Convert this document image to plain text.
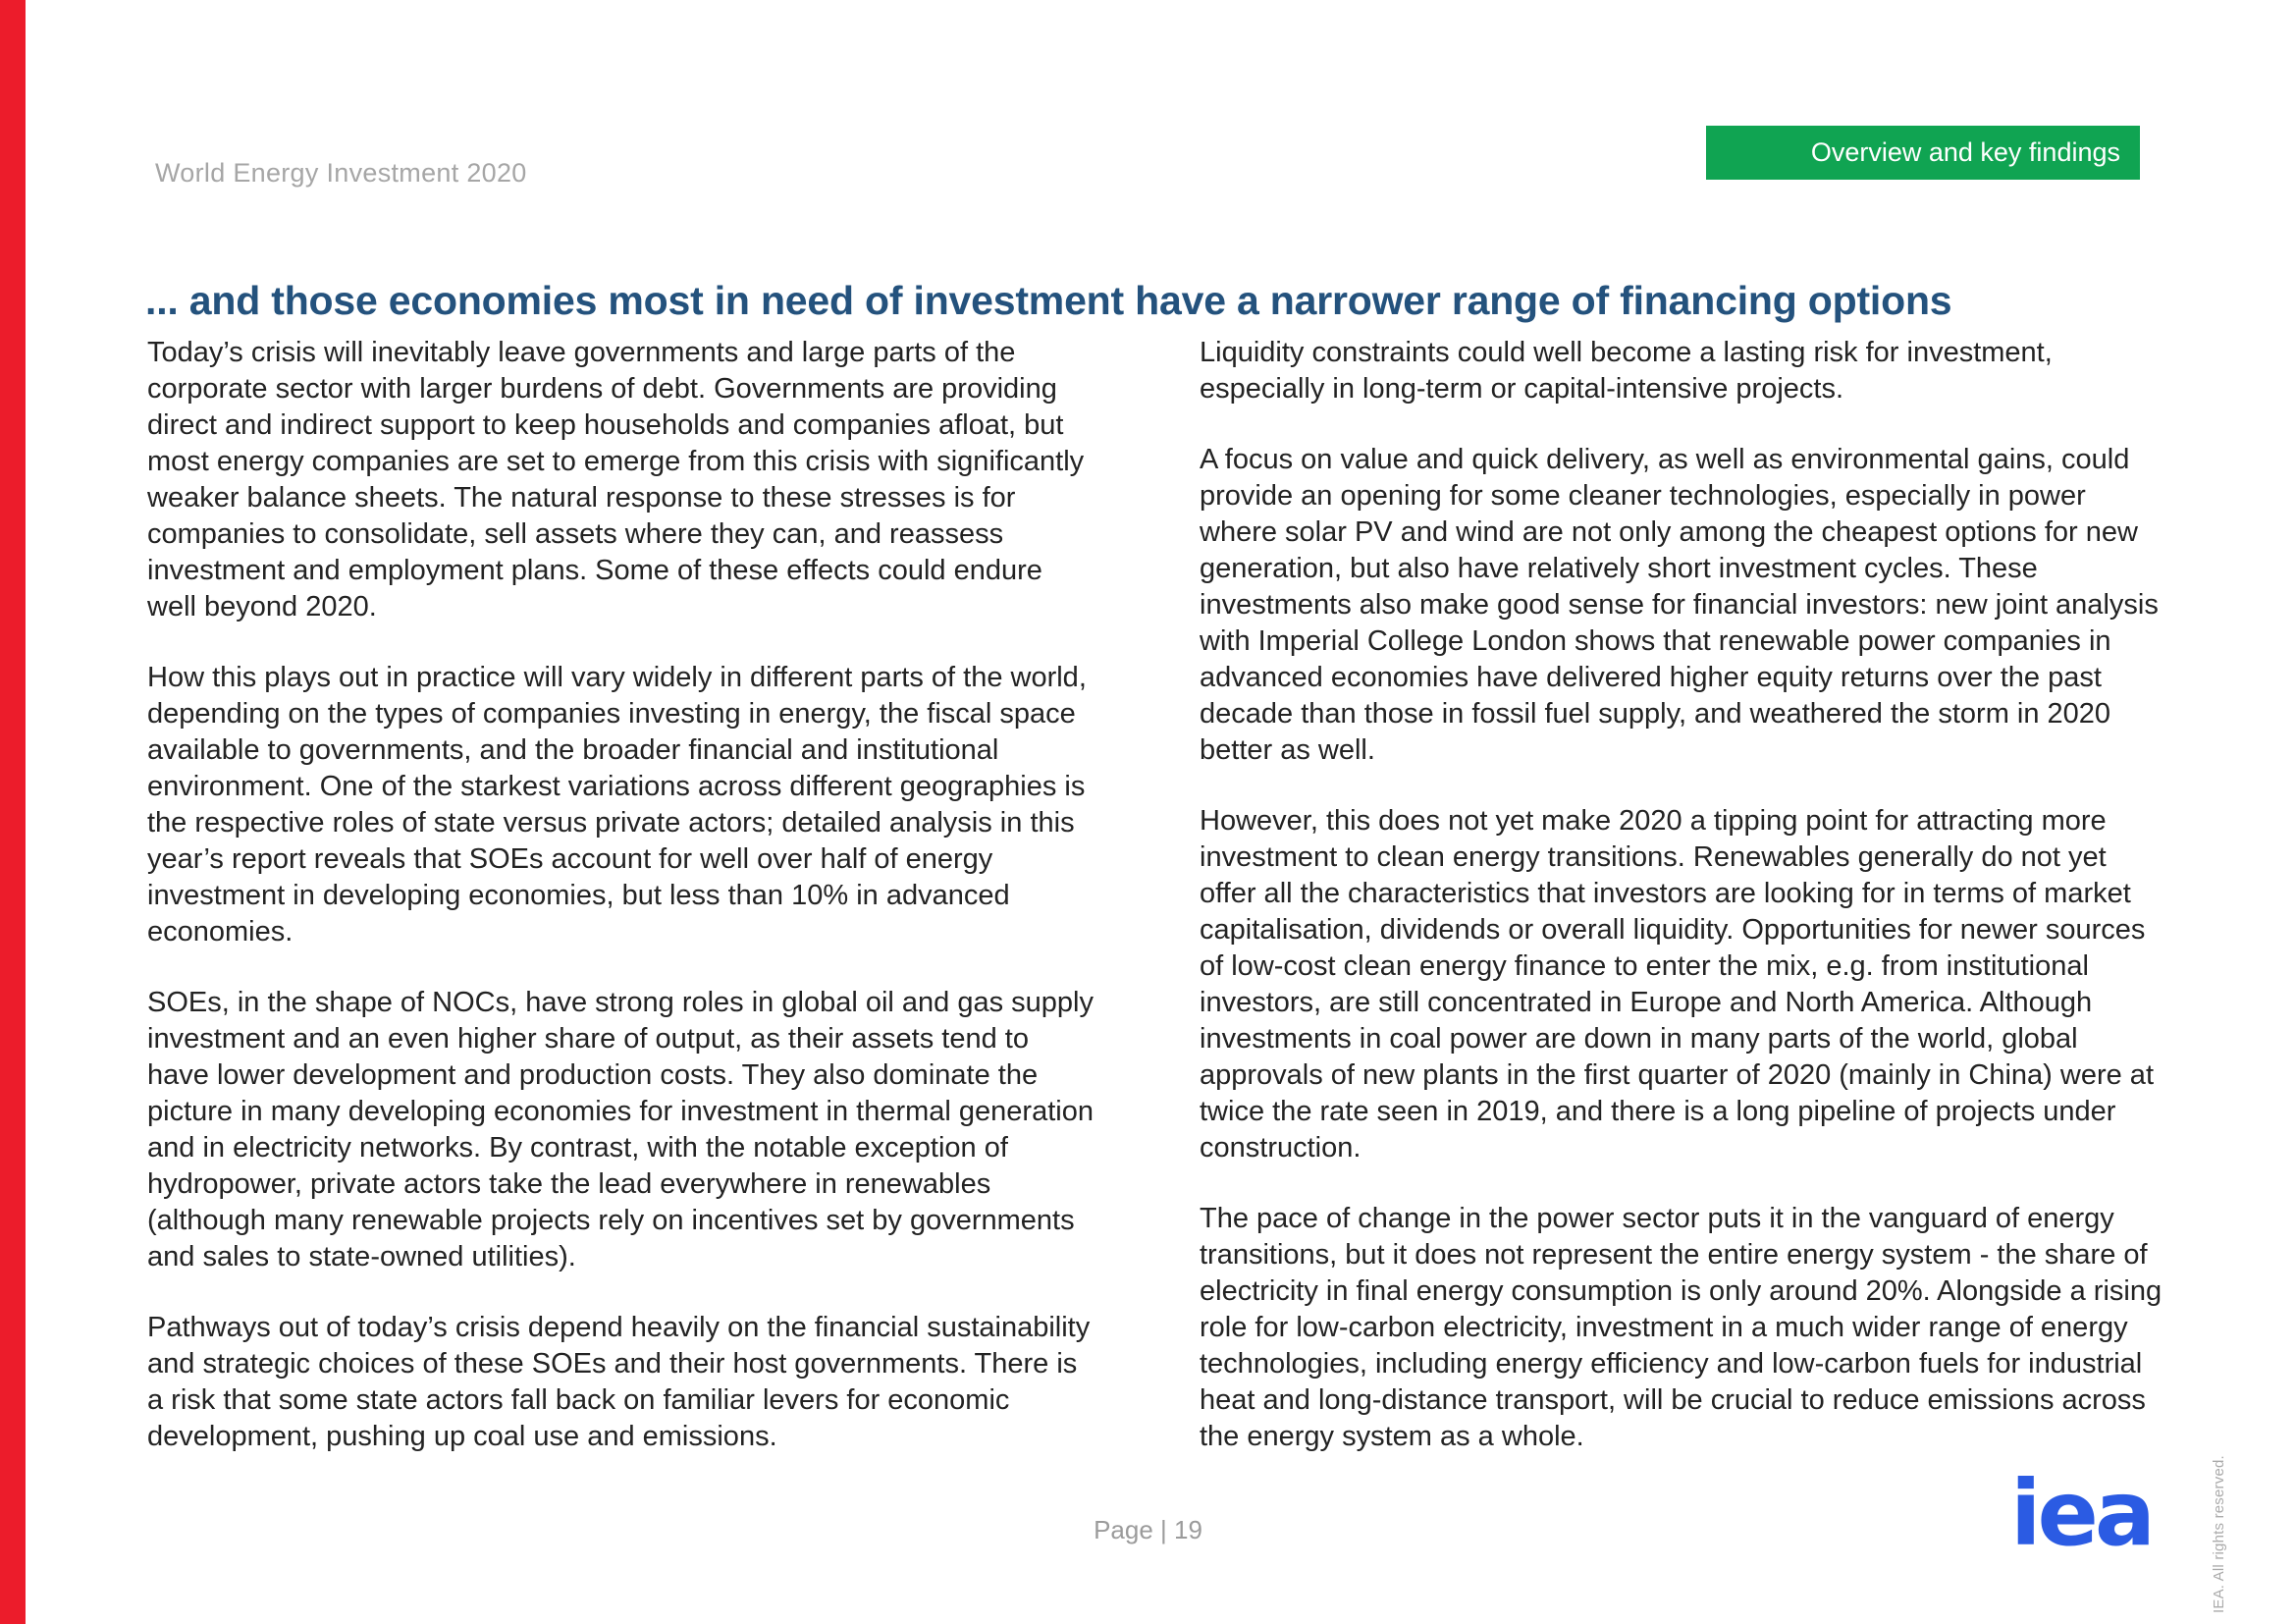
World Energy Investment 2020
Overview and key findings
... and those economies most in need of investment have a narrower range of financing options

Today’s crisis will inevitably leave governments and large parts of the corporate sector with larger burdens of debt. Governments are providing direct and indirect support to keep households and companies afloat, but most energy companies are set to emerge from this crisis with significantly weaker balance sheets. The natural response to these stresses is for companies to consolidate, sell assets where they can, and reassess investment and employment plans. Some of these effects could endure well beyond 2020.

How this plays out in practice will vary widely in different parts of the world, depending on the types of companies investing in energy, the fiscal space available to governments, and the broader financial and institutional environment. One of the starkest variations across different geographies is the respective roles of state versus private actors; detailed analysis in this year’s report reveals that SOEs account for well over half of energy investment in developing economies, but less than 10% in advanced economies.

SOEs, in the shape of NOCs, have strong roles in global oil and gas supply investment and an even higher share of output, as their assets tend to have lower development and production costs. They also dominate the picture in many developing economies for investment in thermal generation and in electricity networks. By contrast, with the notable exception of hydropower, private actors take the lead everywhere in renewables (although many renewable projects rely on incentives set by governments and sales to state-owned utilities).

Pathways out of today’s crisis depend heavily on the financial sustainability and strategic choices of these SOEs and their host governments. There is a risk that some state actors fall back on familiar levers for economic development, pushing up coal use and emissions.

Liquidity constraints could well become a lasting risk for investment, especially in long-term or capital-intensive projects.

A focus on value and quick delivery, as well as environmental gains, could provide an opening for some cleaner technologies, especially in power where solar PV and wind are not only among the cheapest options for new generation, but also have relatively short investment cycles. These investments also make good sense for financial investors: new joint analysis with Imperial College London shows that renewable power companies in advanced economies have delivered higher equity returns over the past decade than those in fossil fuel supply, and weathered the storm in 2020 better as well.

However, this does not yet make 2020 a tipping point for attracting more investment to clean energy transitions. Renewables generally do not yet offer all the characteristics that investors are looking for in terms of market capitalisation, dividends or overall liquidity. Opportunities for newer sources of low-cost clean energy finance to enter the mix, e.g. from institutional investors, are still concentrated in Europe and North America. Although investments in coal power are down in many parts of the world, global approvals of new plants in the first quarter of 2020 (mainly in China) were at twice the rate seen in 2019, and there is a long pipeline of projects under construction.

The pace of change in the power sector puts it in the vanguard of energy transitions, but it does not represent the entire energy system - the share of electricity in final energy consumption is only around 20%. Alongside a rising role for low-carbon electricity, investment in a much wider range of energy technologies, including energy efficiency and low-carbon fuels for industrial heat and long-distance transport, will be crucial to reduce emissions across the energy system as a whole.

Page | 19	iea	IEA. All rights reserved.
